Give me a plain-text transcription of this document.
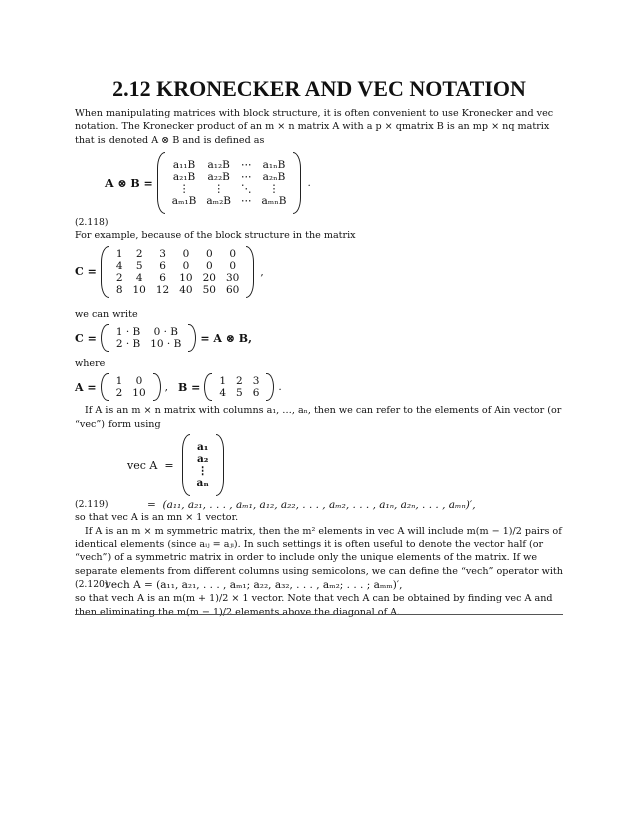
2.12 KRONECKER AND VEC NOTATION

When manipulating matrices with block structure, it is often convenient to use Kronecker and vec notation. The Kronecker product of an m × n matrix A with a p × qmatrix B is an mp × nq matrix that is denoted A ⊗ B and is defined as

A ⊗ B =
a₁₁B	a₁₂B	⋯	a₁ₙB
a₂₁B	a₂₂B	⋯	a₂ₙB
⋮	⋮	⋱	⋮
aₘ₁B	aₘ₂B	⋯	aₘₙB
.
(2.118)

For example, because of the block structure in the matrix

C =
1	2	3	0	0	0
4	5	6	0	0	0
2	4	6	10	20	30
8	10	12	40	50	60
,

we can write

C = 1 · B	0 · B
2 · B	10 · B = A ⊗ B,

where

A = 1	0
2	10 , B = 1	2	3
4	5	6 .

If A is an m × n matrix with columns a₁, …, aₙ, then we can refer to the elements of Ain vector (or “vec”) form using

vec A  =
a₁
a₂
⋮
aₙ
(2.119)	=  (a₁₁, a₂₁, . . . , aₘ₁, a₁₂, a₂₂, . . . , aₘ₂, . . . , a₁ₙ, a₂ₙ, . . . , aₘₙ)′,

so that vec A is an mn × 1 vector.

If A is an m × m symmetric matrix, then the m² elements in vec A will include m(m − 1)/2 pairs of identical elements (since aᵢⱼ = aⱼᵢ). In such settings it is often useful to denote the vector half (or “vech”) of a symmetric matrix in order to include only the unique elements of the matrix. If we separate elements from different columns using semicolons, we can define the “vech” operator with

(2.120)
vech A = (a₁₁, a₂₁, . . . , aₘ₁; a₂₂, a₃₂, . . . , aₘ₂; . . . ; aₘₘ)′,

so that vech A is an m(m + 1)/2 × 1 vector. Note that vech A can be obtained by finding vec A and then eliminating the m(m − 1)/2 elements above the diagonal of A.
